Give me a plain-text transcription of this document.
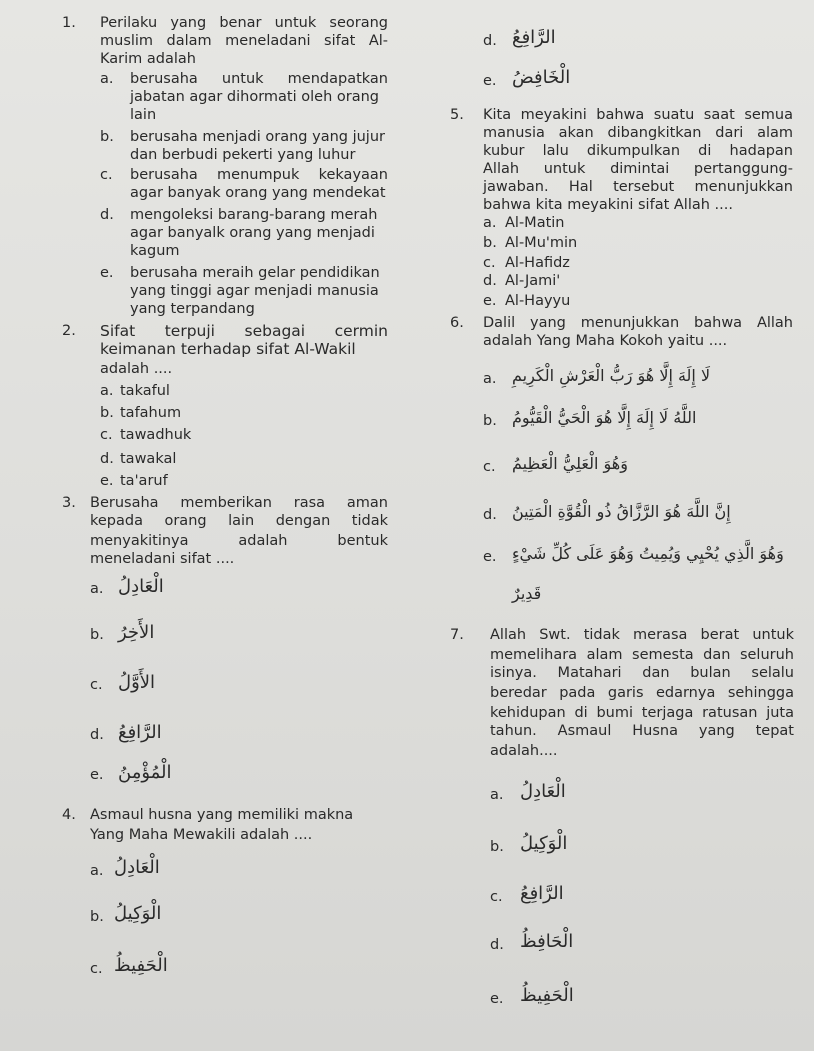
1. Perilaku yang benar untuk seorang
muslim dalam meneladani sifat Al-
Karim adalah
a. berusaha untuk mendapatkan
jabatan agar dihormati oleh orang
lain
b. berusaha menjadi orang yang jujur
dan berbudi pekerti yang luhur
c. berusaha menumpuk kekayaan
agar banyak orang yang mendekat
d. mengoleksi barang-barang merah
agar banyalk orang yang menjadi
kagum
e. berusaha meraih gelar pendidikan
yang tinggi agar menjadi manusia
yang terpandang
2. Sifat terpuji sebagai cermin
keimanan terhadap sifat Al-Wakil
adalah ....
a. takaful
b. tafahum
c. tawadhuk
d. tawakal
e. ta'aruf
3. Berusaha memberikan rasa aman
kepada orang lain dengan tidak
menyakitinya adalah bentuk
meneladani sifat ....
a. الْعَادِلُ
b. الأَخِرُ
c. الأَوَّلُ
d. الرَّافِعُ
e. الْمُؤْمِنُ
4. Asmaul husna yang memiliki makna
Yang Maha Mewakili adalah ....
a. الْعَادِلُ
b. الْوَكِيلُ
c. الْحَفِيظُ
d. الرَّافِعُ
e. الْخَافِضُ
5. Kita meyakini bahwa suatu saat semua
manusia akan dibangkitkan dari alam
kubur lalu dikumpulkan di hadapan
Allah untuk dimintai pertanggung-
jawaban. Hal tersebut menunjukkan
bahwa kita meyakini sifat Allah ....
a. Al-Matin
b. Al-Mu'min
c. Al-Hafidz
d. Al-Jami'
e. Al-Hayyu
6. Dalil yang menunjukkan bahwa Allah
adalah Yang Maha Kokoh yaitu ....
a. لَا إِلَهَ إِلَّا هُوَ رَبُّ الْعَرْشِ الْكَرِيمِ
b. اللَّهُ لَا إِلَهَ إِلَّا هُوَ الْحَيُّ الْقَيُّومُ
c. وَهُوَ الْعَلِيُّ الْعَظِيمُ
d. إِنَّ اللَّهَ هُوَ الرَّزَّاقُ ذُو الْقُوَّةِ الْمَتِينُ
e. وَهُوَ الَّذِي يُحْيِي وَيُمِيتُ وَهُوَ عَلَى كُلِّ شَيْءٍ
قَدِيرٌ
7. Allah Swt. tidak merasa berat untuk
memelihara alam semesta dan seluruh
isinya. Matahari dan bulan selalu
beredar pada garis edarnya sehingga
kehidupan di bumi terjaga ratusan juta
tahun. Asmaul Husna yang tepat
adalah....
a. الْعَادِلُ
b. الْوَكِيلُ
c. الرَّافِعُ
d. الْحَافِظُ
e. الْحَفِيظُ
